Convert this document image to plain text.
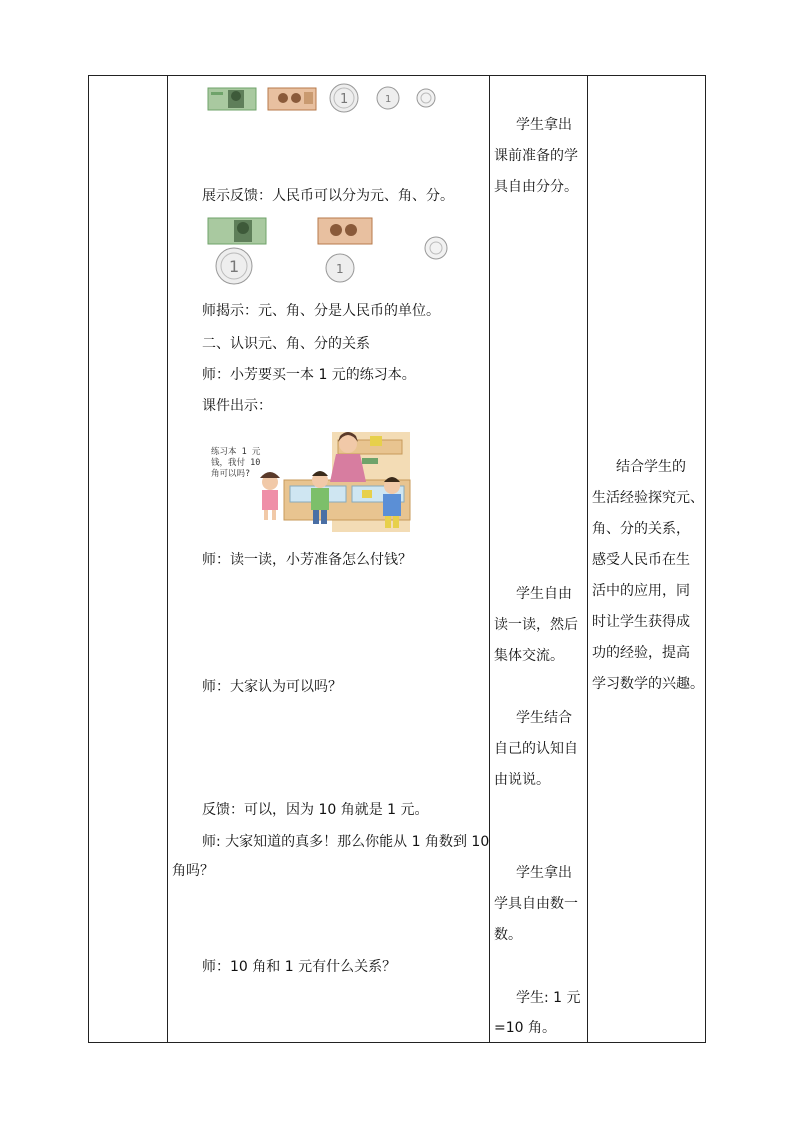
1	1
展示反馈：人民币可以分为元、角、分。
1	1
师揭示：元、角、分是人民币的单位。
二、认识元、角、分的关系
师：小芳要买一本 1 元的练习本。
课件出示：
练习本 1 元
钱，我付 10
角可以吗?
师：读一读，小芳准备怎么付钱？
师：大家认为可以吗？
反馈：可以，因为 10 角就是 1 元。
师: 大家知道的真多！那么你能从 1 角数到 10
角吗？
师：10 角和 1 元有什么关系？
学生拿出
课前准备的学
具自由分分。
学生自由
读一读，然后
集体交流。
学生结合
自己的认知自
由说说。
学生拿出
学具自由数一
数。
学生: 1 元
=10 角。
结合学生的
生活经验探究元、
角、分的关系，
感受人民币在生
活中的应用，同
时让学生获得成
功的经验，提高
学习数学的兴趣。
